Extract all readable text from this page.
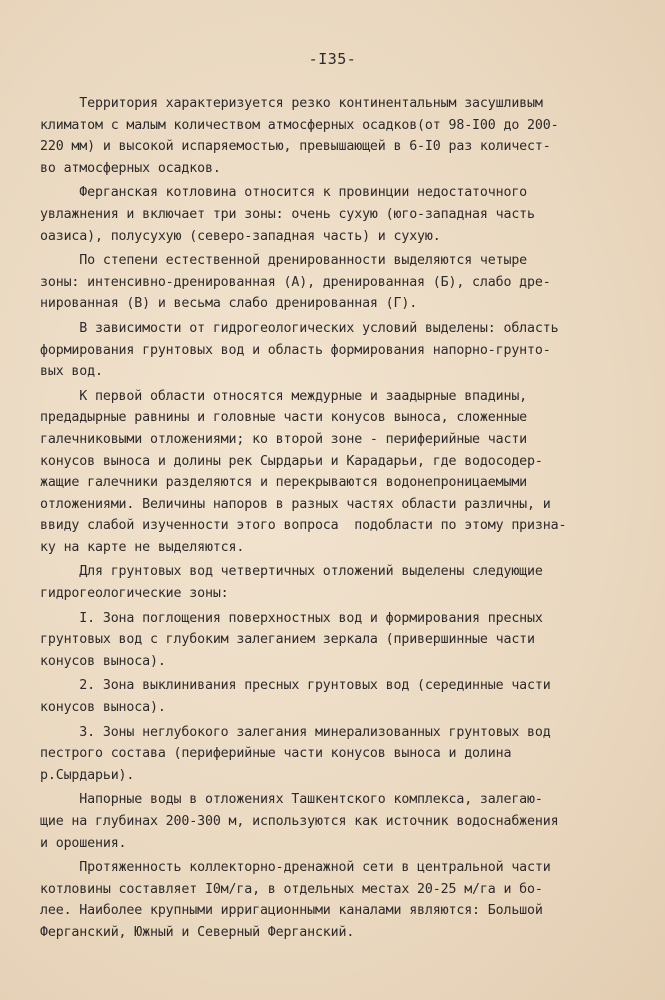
-I35-
Территория характеризуется резко континентальным засушливым
климатом с малым количеством атмосферных осадков(от 98-I00 до 200-
220 мм) и высокой испаряемостью, превышающей в 6-I0 раз количест-
во атмосферных осадков.
Ферганская котловина относится к провинции недостаточного
увлажнения и включает три зоны: очень сухую (юго-западная часть
оазиса), полусухую (северо-западная часть) и сухую.
По степени естественной дренированности выделяются четыре
зоны: интенсивно-дренированная (А), дренированная (Б), слабо дре-
нированная (В) и весьма слабо дренированная (Г).
В зависимости от гидрогеологических условий выделены: область
формирования грунтовых вод и область формирования напорно-грунто-
вых вод.
К первой области относятся междурные и заадырные впадины,
предадырные равнины и головные части конусов выноса, сложенные
галечниковыми отложениями; ко второй зоне - периферийные части
конусов выноса и долины рек Сырдарьи и Карадарьи, где водосодер-
жащие галечники разделяются и перекрываются водонепроницаемыми
отложениями. Величины напоров в разных частях области различны, и
ввиду слабой изученности этого вопроса  подобласти по этому призна-
ку на карте не выделяются.
Для грунтовых вод четвертичных отложений выделены следующие
гидрогеологические зоны:
I. Зона поглощения поверхностных вод и формирования пресных
грунтовых вод с глубоким залеганием зеркала (привершинные части
конусов выноса).
2. Зона выклинивания пресных грунтовых вод (серединные части
конусов выноса).
3. Зоны неглубокого залегания минерализованных грунтовых вод
пестрого состава (периферийные части конусов выноса и долина
р.Сырдарьи).
Напорные воды в отложениях Ташкентского комплекса, залегаю-
щие на глубинах 200-300 м, используются как источник водоснабжения
и орошения.
Протяженность коллекторно-дренажной сети в центральной части
котловины составляет I0м/га, в отдельных местах 20-25 м/га и бо-
лее. Наиболее крупными ирригационными каналами являются: Большой
Ферганский, Южный и Северный Ферганский.
